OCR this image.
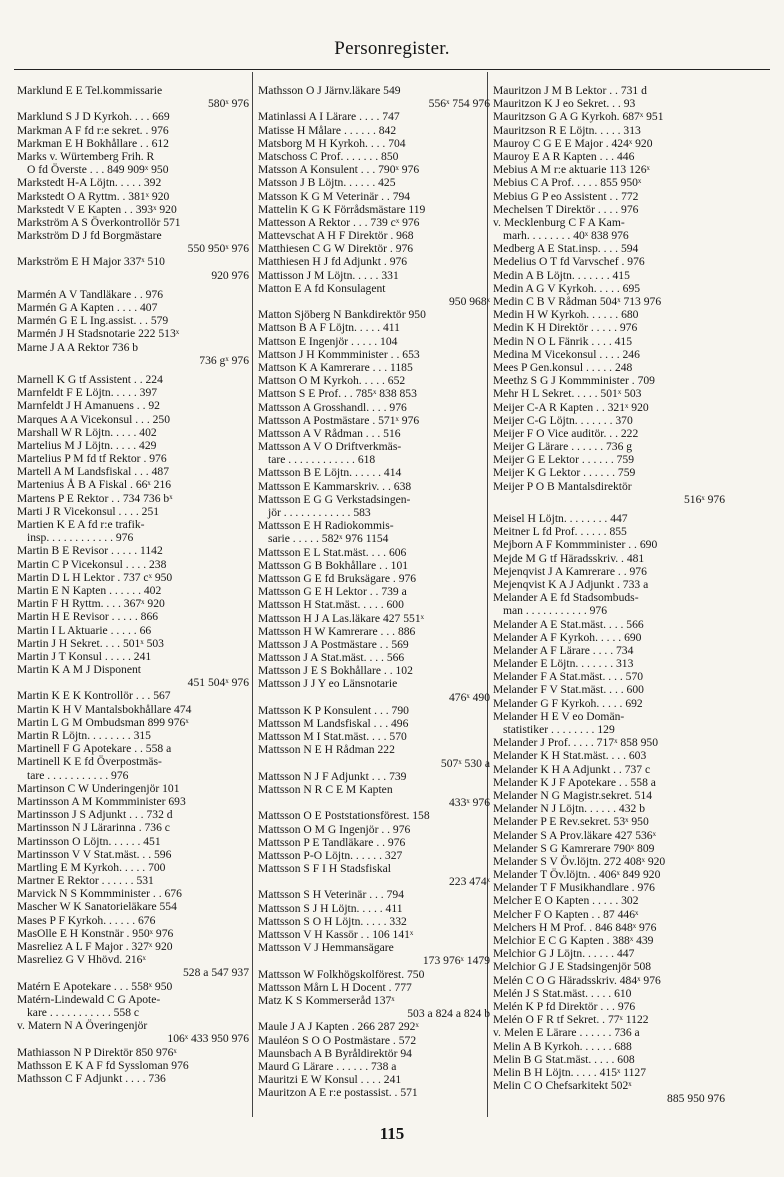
Personregister.
Marklund E E Tel.kommissarie
580ˣ 976
Marklund S J D Kyrkoh. . . . 669
Markman A F fd r:e sekret. . 976
Markman E H Bokhållare . . 612
Marks v. Würtemberg Frih. R
O fd Överste . . . 849 909ˣ 950
Markstedt H-A Löjtn. . . . . 392
Markstedt O A Ryttm. . 381ˣ 920
Markstedt V E Kapten . . 393ˣ 920
Markström A S Överkontrollör 571
Markström D J fd Borgmästare
550 950ˣ 976
Markström E H Major 337ˣ 510
920 976
Marmén A V Tandläkare . . 976
Marmén G A Kapten . . . . 407
Marmén G E L Ing.assist. . . 579
Marmén J H Stadsnotarie 222 513ˣ
Marne J A A Rektor 736 b
736 gˣ 976
Marnell K G tf Assistent . . 224
Marnfeldt F E Löjtn. . . . . 397
Marnfeldt J H Amanuens . . 92
Marques A A Vicekonsul . . . 250
Marshall W R Löjtn. . . . . 402
Martelius M J Löjtn. . . . . 429
Martelius P M fd tf Rektor . 976
Martell A M Landsfiskal . . . 487
Martenius Å B A Fiskal . 66ˣ 216
Martens P E Rektor . . 734 736 bˣ
Marti J R Vicekonsul . . . . 251
Martien K E A fd r:e trafik-
insp. . . . . . . . . . . . 976
Martin B E Revisor . . . . . 1142
Martin C P Vicekonsul . . . . 238
Martin D L H Lektor . 737 cˣ 950
Martin E N Kapten . . . . . . 402
Martin F H Ryttm. . . . 367ˣ 920
Martin H E Revisor . . . . . 866
Martin I L Aktuarie . . . . . 66
Martin J H Sekret. . . . 501ˣ 503
Martin J T Konsul . . . . . 241
Martin K A M J Disponent
451 504ˣ 976
Martin K E K Kontrollör . . . 567
Martin K H V Mantalsbokhållare 474
Martin L G M Ombudsman 899 976ˣ
Martin R Löjtn. . . . . . . . 315
Martinell F G Apotekare . . 558 a
Martinell K E fd Överpostmäs-
tare . . . . . . . . . . . 976
Martinson C W Underingenjör 101
Martinsson A M Kommminister 693
Martinsson J S Adjunkt . . . 732 d
Martinsson N J Lärarinna . 736 c
Martinsson O Löjtn. . . . . . 451
Martinsson V V Stat.mäst. . . 596
Martling E M Kyrkoh. . . . . 700
Martner E Rektor . . . . . . 531
Marvick N S Kommminister . . 676
Mascher W K Sanatorieläkare 554
Mases P F Kyrkoh. . . . . . 676
MasOlle E H Konstnär . 950ˣ 976
Masreliez A L F Major . 327ˣ 920
Masreliez G V Hhövd. 216ˣ
528 a 547 937
Matérn E Apotekare . . . 558ˣ 950
Matérn-Lindewald C G Apote-
kare . . . . . . . . . . . 558 c
v. Matern N A Överingenjör
106ˣ 433 950 976
Mathiasson N P Direktör 850 976ˣ
Mathsson E K A F fd Syssloman 976
Mathsson C F Adjunkt . . . . 736
Mathsson O J Järnv.läkare 549
556ˣ 754 976
Matinlassi A I Lärare . . . . 747
Matisse H Målare . . . . . . 842
Matsborg M H Kyrkoh. . . . 704
Matschoss C Prof. . . . . . . 850
Matsson A Konsulent . . . 790ˣ 976
Matsson J B Löjtn. . . . . . 425
Matsson K G M Veterinär . . 794
Mattelin K G K Förrådsmästare 119
Mattesson A Rektor . . . 739 cˣ 976
Mattevschat A H F Direktör . 968
Matthiesen C G W Direktör . 976
Matthiesen H J fd Adjunkt . 976
Mattisson J M Löjtn. . . . . 331
Matton E A fd Konsulagent
950 968ˣ
Matton Sjöberg N Bankdirektör 950
Mattson B A F Löjtn. . . . . 411
Mattson E Ingenjör . . . . . 104
Mattson J H Kommminister . . 653
Mattson K A Kamrerare . . . 1185
Mattson O M Kyrkoh. . . . . 652
Mattson S E Prof. . . 785ˣ 838 853
Mattsson A Grosshandl. . . . 976
Mattsson A Postmästare . 571ˣ 976
Mattsson A V Rådman . . . 516
Mattsson A V O Driftverkmäs-
tare . . . . . . . . . . . . 618
Mattsson B E Löjtn. . . . . . 414
Mattsson E Kammarskriv. . . 638
Mattsson E G G Verkstadsingen-
jör . . . . . . . . . . . . 583
Mattsson E H Radiokommis-
sarie . . . . . 582ˣ 976 1154
Mattsson E L Stat.mäst. . . . 606
Mattsson G B Bokhållare . . 101
Mattsson G E fd Bruksägare . 976
Mattsson G E H Lektor . . 739 a
Mattsson H Stat.mäst. . . . . 600
Mattsson H J A Las.läkare 427 551ˣ
Mattsson H W Kamrerare . . . 886
Mattsson J A Postmästare . . 569
Mattsson J A Stat.mäst. . . . 566
Mattsson J E S Bokhållare . . 102
Mattsson J J Y eo Länsnotarie
476ˣ 490
Mattsson K P Konsulent . . . 790
Mattsson M Landsfiskal . . . 496
Mattsson M I Stat.mäst. . . . 570
Mattsson N E H Rådman 222
507ˣ 530 a
Mattsson N J F Adjunkt . . . 739
Mattsson N R C E M Kapten
433ˣ 976
Mattsson O E Poststationsförest. 158
Mattsson O M G Ingenjör . . 976
Mattsson P E Tandläkare . . 976
Mattsson P-O Löjtn. . . . . . 327
Mattsson S F I H Stadsfiskal
223 474ˣ
Mattsson S H Veterinär . . . 794
Mattsson S J H Löjtn. . . . . 411
Mattsson S O H Löjtn. . . . . 332
Mattsson V H Kassör . . 106 141ˣ
Mattsson V J Hemmansägare
173 976ˣ 1479
Mattsson W Folkhögskolförest. 750
Mattsson Mårn L H Docent . 777
Matz K S Kommerseråd 137ˣ
503 a 824 a 824 b
Maule J A J Kapten . 266 287 292ˣ
Mauléon S O O Postmästare . 572
Maunsbach A B Byråldirektör 94
Maurd G Lärare . . . . . . 738 a
Mauritzi E W Konsul . . . . 241
Mauritzon A E r:e postassist. . 571
Mauritzon J M B Lektor . . 731 d
Mauritzon K J eo Sekret. . . 93
Mauritzson G A G Kyrkoh. 687ˣ 951
Mauritzson R E Löjtn. . . . . 313
Mauroy C G E E Major . 424ˣ 920
Mauroy E A R Kapten . . . 446
Mebius A M r:e aktuarie 113 126ˣ
Mebius C A Prof. . . . . 855 950ˣ
Mebius G P eo Assistent . . 772
Mechelsen T Direktör . . . . 976
v. Mecklenburg C F A Kam-
marh. . . . . . . . 40ˣ 838 976
Medberg A E Stat.insp. . . . 594
Medelius O T fd Varvschef . 976
Medin A B Löjtn. . . . . . . 415
Medin A G V Kyrkoh. . . . . 695
Medin C B V Rådman 504ˣ 713 976
Medin H W Kyrkoh. . . . . . 680
Medin K H Direktör . . . . . 976
Medin N O L Fänrik . . . . 415
Medina M Vicekonsul . . . . 246
Mees P Gen.konsul . . . . . 248
Meethz S G J Kommminister . 709
Mehr H L Sekret. . . . . 501ˣ 503
Meijer C-A R Kapten . . 321ˣ 920
Meijer C-G Löjtn. . . . . . . 370
Meijer F O Vice auditör. . . 222
Meijer G Lärare . . . . . . 736 g
Meijer G E Lektor . . . . . . 759
Meijer K G Lektor . . . . . . 759
Meijer P O B Mantalsdirektör
516ˣ 976
Meisel H Löjtn. . . . . . . . 447
Meitner L fd Prof. . . . . . 855
Mejborn A F Kommminister . . 690
Mejde M G tf Häradsskriv. . 481
Mejenqvist J A Kamrerare . . 976
Mejenqvist K A J Adjunkt . 733 a
Melander A E fd Stadsombuds-
man . . . . . . . . . . . 976
Melander A E Stat.mäst. . . . 566
Melander A F Kyrkoh. . . . . 690
Melander A F Lärare . . . . 734
Melander E Löjtn. . . . . . . 313
Melander F A Stat.mäst. . . . 570
Melander F V Stat.mäst. . . . 600
Melander G F Kyrkoh. . . . . 692
Melander H E V eo Domän-
statistiker . . . . . . . . 129
Melander J Prof. . . . . 717ˣ 858 950
Melander K H Stat.mäst. . . . 603
Melander K H A Adjunkt . . 737 c
Melander K J F Apotekare . . 558 a
Melander N G Magistr.sekret. 514
Melander N J Löjtn. . . . . . 432 b
Melander P E Rev.sekret. 53ˣ 950
Melander S A Prov.läkare 427 536ˣ
Melander S G Kamrerare 790ˣ 809
Melander S V Öv.löjtn. 272 408ˣ 920
Melander T Öv.löjtn. . 406ˣ 849 920
Melander T F Musikhandlare . 976
Melcher E O Kapten . . . . . 302
Melcher F O Kapten . . 87 446ˣ
Melchers H M Prof. . 846 848ˣ 976
Melchior E C G Kapten . 388ˣ 439
Melchior G J Löjtn. . . . . . 447
Melchior G J E Stadsingenjör 508
Melén C O G Häradsskriv. 484ˣ 976
Melén J S Stat.mäst. . . . . 610
Melén K P fd Direktör . . . 976
Melén O F R tf Sekret. . 77ˣ 1122
v. Melen E Lärare . . . . . . 736 a
Melin A B Kyrkoh. . . . . . 688
Melin B G Stat.mäst. . . . . 608
Melin B H Löjtn. . . . . 415ˣ 1127
Melin C O Chefsarkitekt 502ˣ
885 950 976
115
